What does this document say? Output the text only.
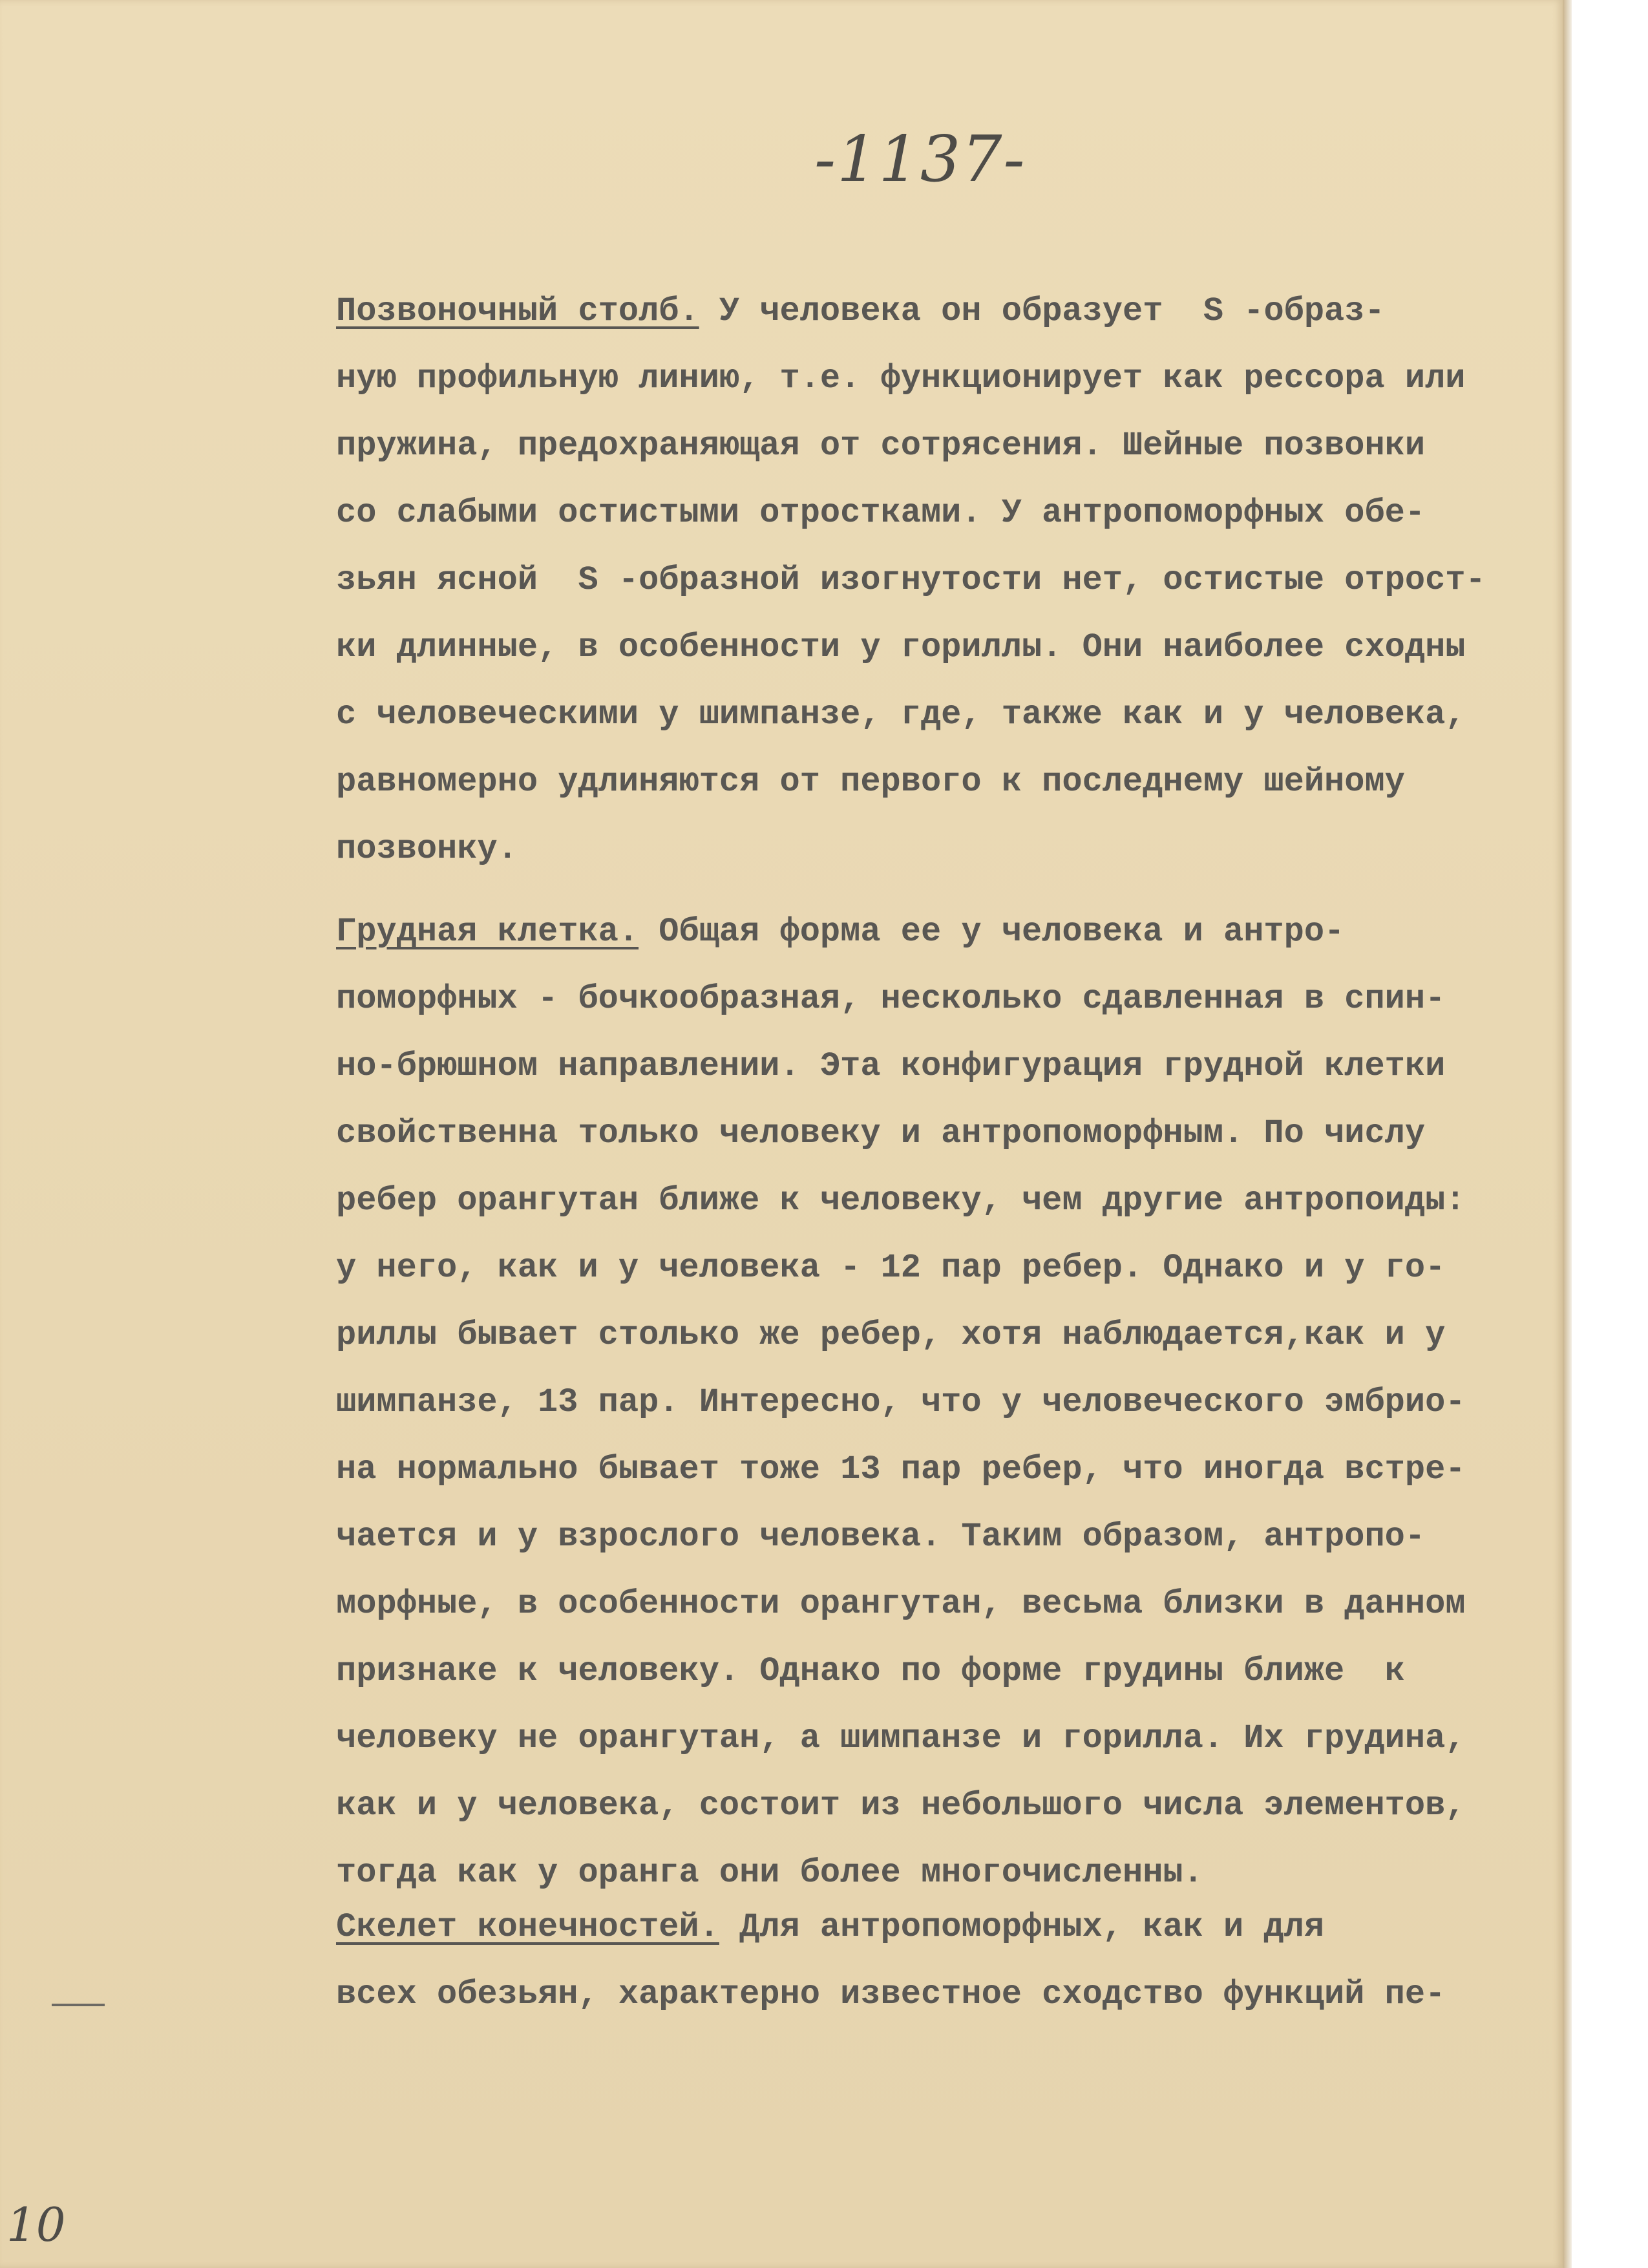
-1137-
Позвоночный столб. У человека он образует  S -образ-
ную профильную линию, т.е. функционирует как рессора или
пружина, предохраняющая от сотрясения. Шейные позвонки
со слабыми остистыми отростками. У антропоморфных обе-
зьян ясной  S -образной изогнутости нет, остистые отрост-
ки длинные, в особенности у гориллы. Они наиболее сходны
с человеческими у шимпанзе, где, также как и у человека,
равномерно удлиняются от первого к последнему шейному
позвонку.
Грудная клетка. Общая форма ее у человека и антро-
поморфных - бочкообразная, несколько сдавленная в спин-
но-брюшном направлении. Эта конфигурация грудной клетки
свойственна только человеку и антропоморфным. По числу
ребер орангутан ближе к человеку, чем другие антропоиды:
у него, как и у человека - 12 пар ребер. Однако и у го-
риллы бывает столько же ребер, хотя наблюдается,как и у
шимпанзе, 13 пар. Интересно, что у человеческого эмбрио-
на нормально бывает тоже 13 пар ребер, что иногда встре-
чается и у взрослого человека. Таким образом, антропо-
морфные, в особенности орангутан, весьма близки в данном
признаке к человеку. Однако по форме грудины ближе  к
человеку не орангутан, а шимпанзе и горилла. Их грудина,
как и у человека, состоит из небольшого числа элементов,
тогда как у оранга они более многочисленны.
Скелет конечностей. Для антропоморфных, как и для
всех обезьян, характерно известное сходство функций пе-
10
